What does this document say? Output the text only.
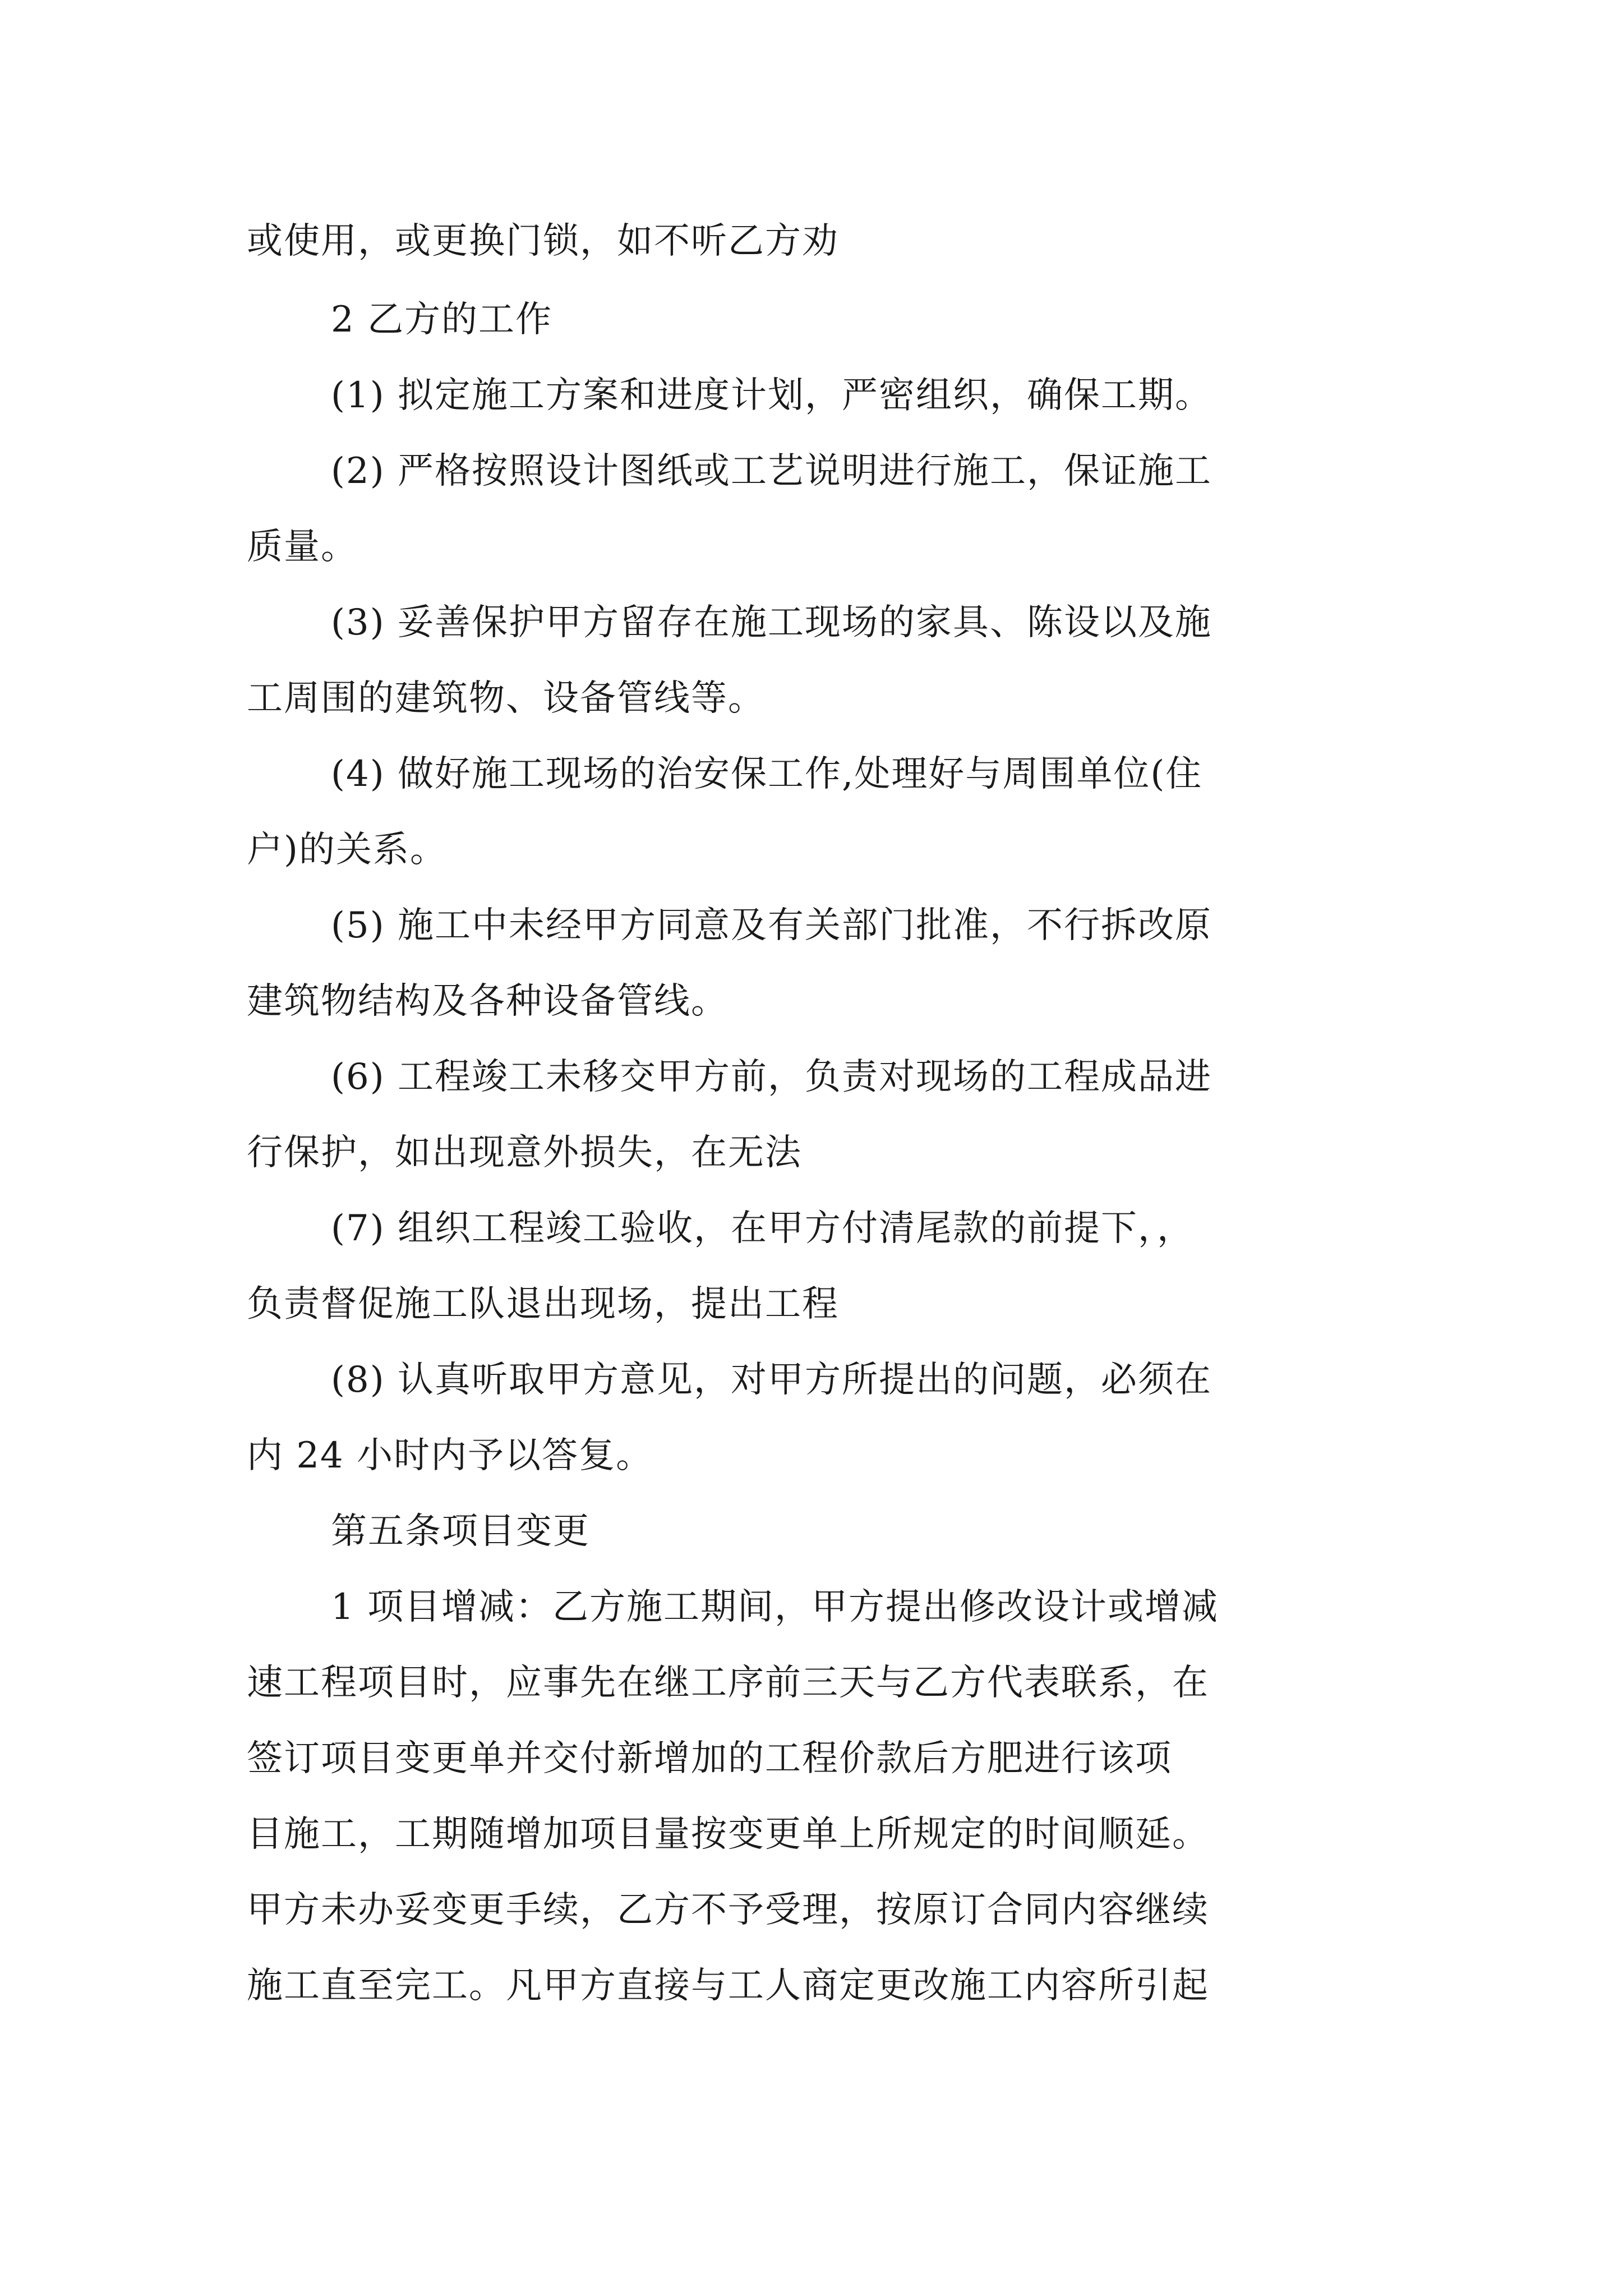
或使用，或更换门锁，如不听乙方劝
2 乙方的工作
(1) 拟定施工方案和进度计划，严密组织，确保工期。
(2) 严格按照设计图纸或工艺说明进行施工，保证施工
质量。
(3) 妥善保护甲方留存在施工现场的家具、陈设以及施
工周围的建筑物、设备管线等。
(4) 做好施工现场的治安保工作,处理好与周围单位(住
户)的关系。
(5) 施工中未经甲方同意及有关部门批准，不行拆改原
建筑物结构及各种设备管线。
(6) 工程竣工未移交甲方前，负责对现场的工程成品进
行保护，如出现意外损失，在无法
(7) 组织工程竣工验收，在甲方付清尾款的前提下，，
负责督促施工队退出现场，提出工程
(8) 认真听取甲方意见，对甲方所提出的问题，必须在
内 24 小时内予以答复。
第五条项目变更
1 项目增减：乙方施工期间，甲方提出修改设计或增减
速工程项目时，应事先在继工序前三天与乙方代表联系，在
签订项目变更单并交付新增加的工程价款后方肥进行该项
目施工，工期随增加项目量按变更单上所规定的时间顺延。
甲方未办妥变更手续，乙方不予受理，按原订合同内容继续
施工直至完工。凡甲方直接与工人商定更改施工内容所引起
